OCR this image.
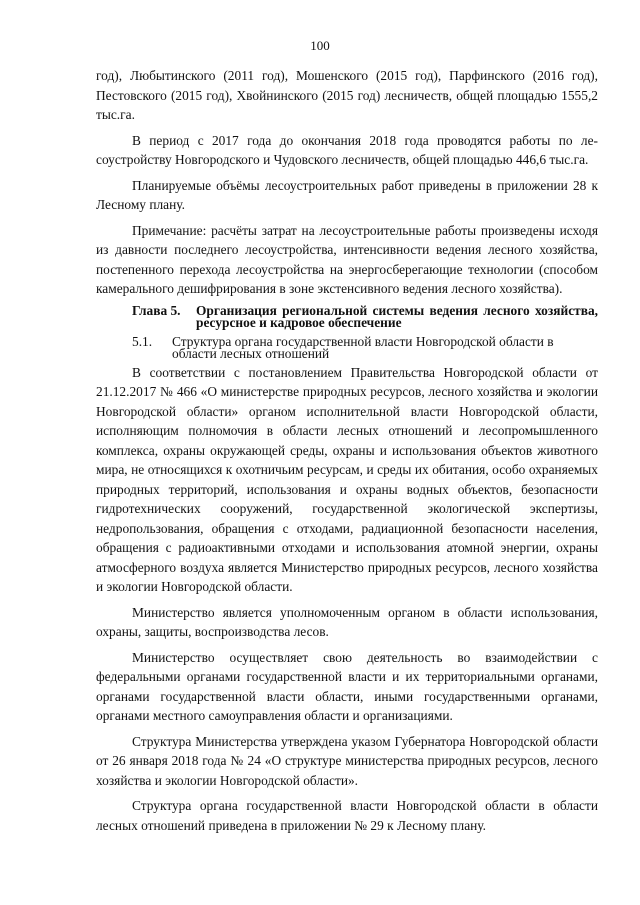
100

год), Любытинского (2011 год), Мошенского (2015 год), Парфинского (2016 год), Пестовского (2015 год), Хвойнинского (2015 год) лесничеств, общей площадью 1555,2 тыс.га.

В период с 2017 года до окончания 2018 года проводятся работы по лесоустройству Новгородского и Чудовского лесничеств, общей площадью 446,6 тыс.га.

Планируемые объёмы лесоустроительных работ приведены в приложении 28 к Лесному плану.

Примечание: расчёты затрат на лесоустроительные работы произведены исходя из давности последнего лесоустройства, интенсивности ведения лесного хозяйства, постепенного перехода лесоустройства на энергосберегающие технологии (способом камерального дешифрирования в зоне экстенсивного ведения лесного хозяйства).

Глава 5.	Организация региональной системы ведения лесного хозяйства, ресурсное и кадровое обеспечение
5.1.	Структура органа государственной власти Новгородской области в области лесных отношений

В соответствии с постановлением Правительства Новгородской области от 21.12.2017 № 466 «О министерстве природных ресурсов, лесного хозяйства и экологии Новгородской области» органом исполнительной власти Новгородской области, исполняющим полномочия в области лесных отношений и лесопромышленного комплекса, охраны окружающей среды, охраны и использования объектов животного мира, не относящихся к охотничьим ресурсам, и среды их обитания, особо охраняемых природных территорий, использования и охраны водных объектов, безопасности гидротехнических сооружений, государственной экологической экспертизы, недропользования, обращения с отходами, радиационной безопасности населения, обращения с радиоактивными отходами и использования атомной энергии, охраны атмосферного воздуха является Министерство природных ресурсов, лесного хозяйства и экологии Новгородской области.

Министерство является уполномоченным органом в области использования, охраны, защиты, воспроизводства лесов.

Министерство осуществляет свою деятельность во взаимодействии с федеральными органами государственной власти и их территориальными органами, органами государственной власти области, иными государственными органами, органами местного самоуправления области и организациями.

Структура Министерства утверждена указом Губернатора Новгородской области от 26 января 2018 года № 24 «О структуре министерства природных ресурсов, лесного хозяйства и экологии Новгородской области».

Структура органа государственной власти Новгородской области в области лесных отношений приведена в приложении № 29 к Лесному плану.
